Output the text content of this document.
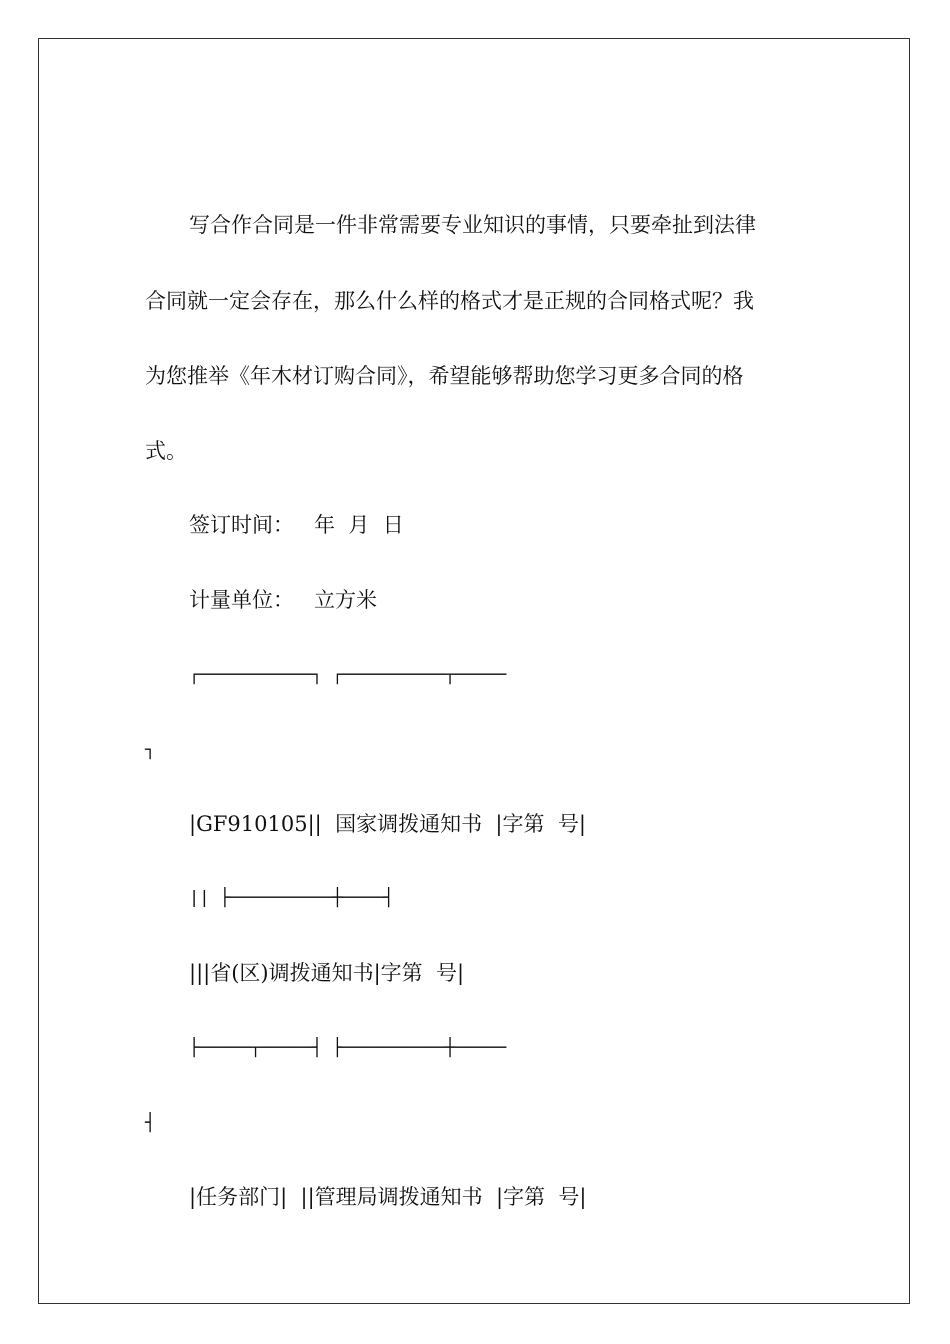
写合作合同是一件非常需要专业知识的事情，只要牵扯到法律
合同就一定会存在，那么什么样的格式才是正规的合同格式呢？我
为您推举《年木材订购合同》，希望能够帮助您学习更多合同的格
式。
签订时间：   年  月  日
计量单位：   立方米
┌───────────┐ ┌──────────┬─────
┐
|GF910105||  国家调拨通知书  |字第  号|
|| ├──────────┼────┤
|||省(区)调拨通知书|字第  号|
├─────┬─────┤ ├──────────┼─────
┤
|任务部门|  ||管理局调拨通知书  |字第  号|
